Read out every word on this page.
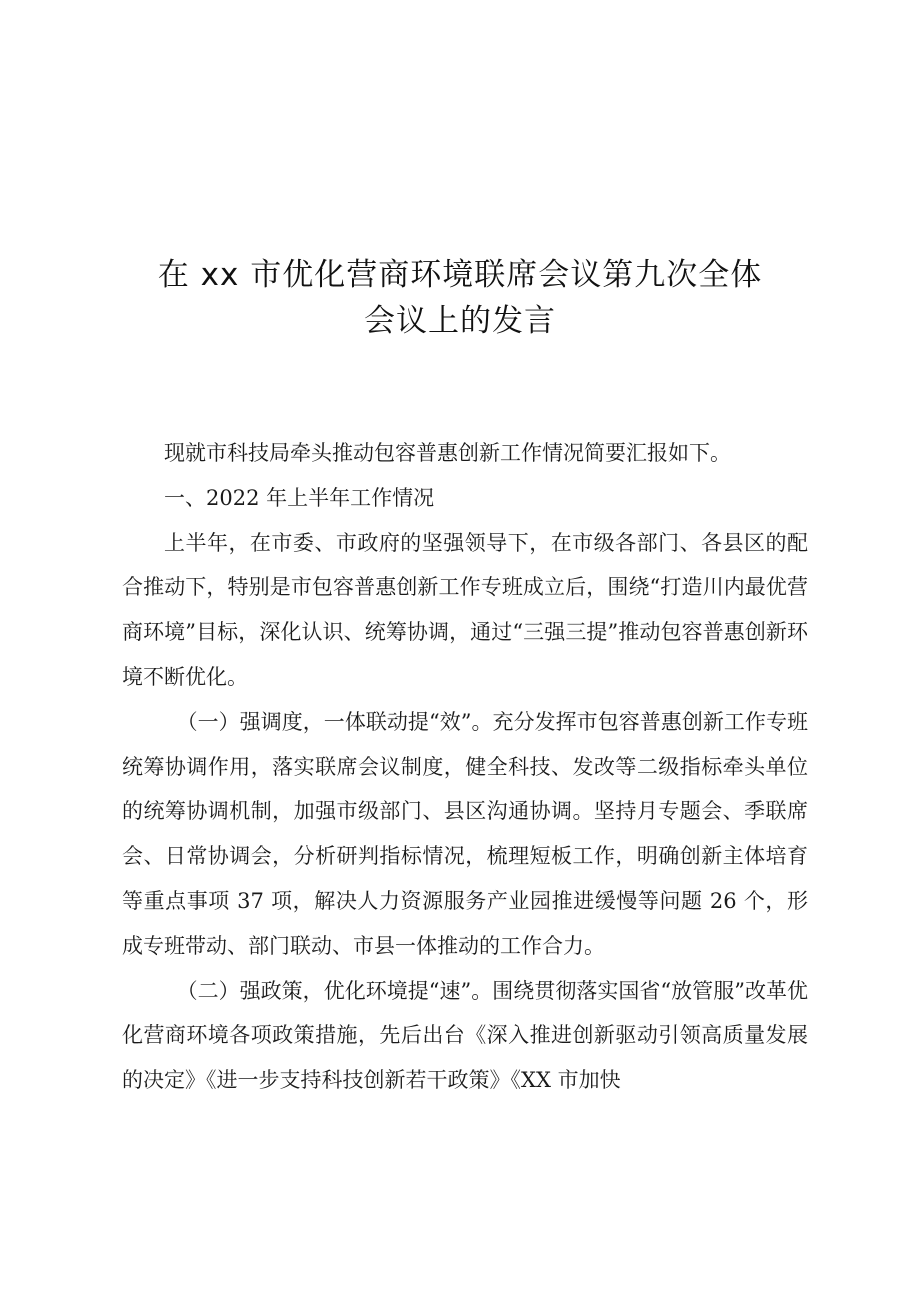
在 xx 市优化营商环境联席会议第九次全体
会议上的发言

现就市科技局牵头推动包容普惠创新工作情况简要汇报如下。

一、2022 年上半年工作情况

上半年，在市委、市政府的坚强领导下，在市级各部门、各县区的配合推动下，特别是市包容普惠创新工作专班成立后，围绕“打造川内最优营商环境”目标，深化认识、统筹协调，通过“三强三提”推动包容普惠创新环境不断优化。

（一）强调度，一体联动提“效”。充分发挥市包容普惠创新工作专班统筹协调作用，落实联席会议制度，健全科技、发改等二级指标牵头单位的统筹协调机制，加强市级部门、县区沟通协调。坚持月专题会、季联席会、日常协调会，分析研判指标情况，梳理短板工作，明确创新主体培育等重点事项 37 项，解决人力资源服务产业园推进缓慢等问题 26 个，形成专班带动、部门联动、市县一体推动的工作合力。

（二）强政策，优化环境提“速”。围绕贯彻落实国省“放管服”改革优化营商环境各项政策措施，先后出台《深入推进创新驱动引领高质量发展的决定》《进一步支持科技创新若干政策》《XX 市加快
